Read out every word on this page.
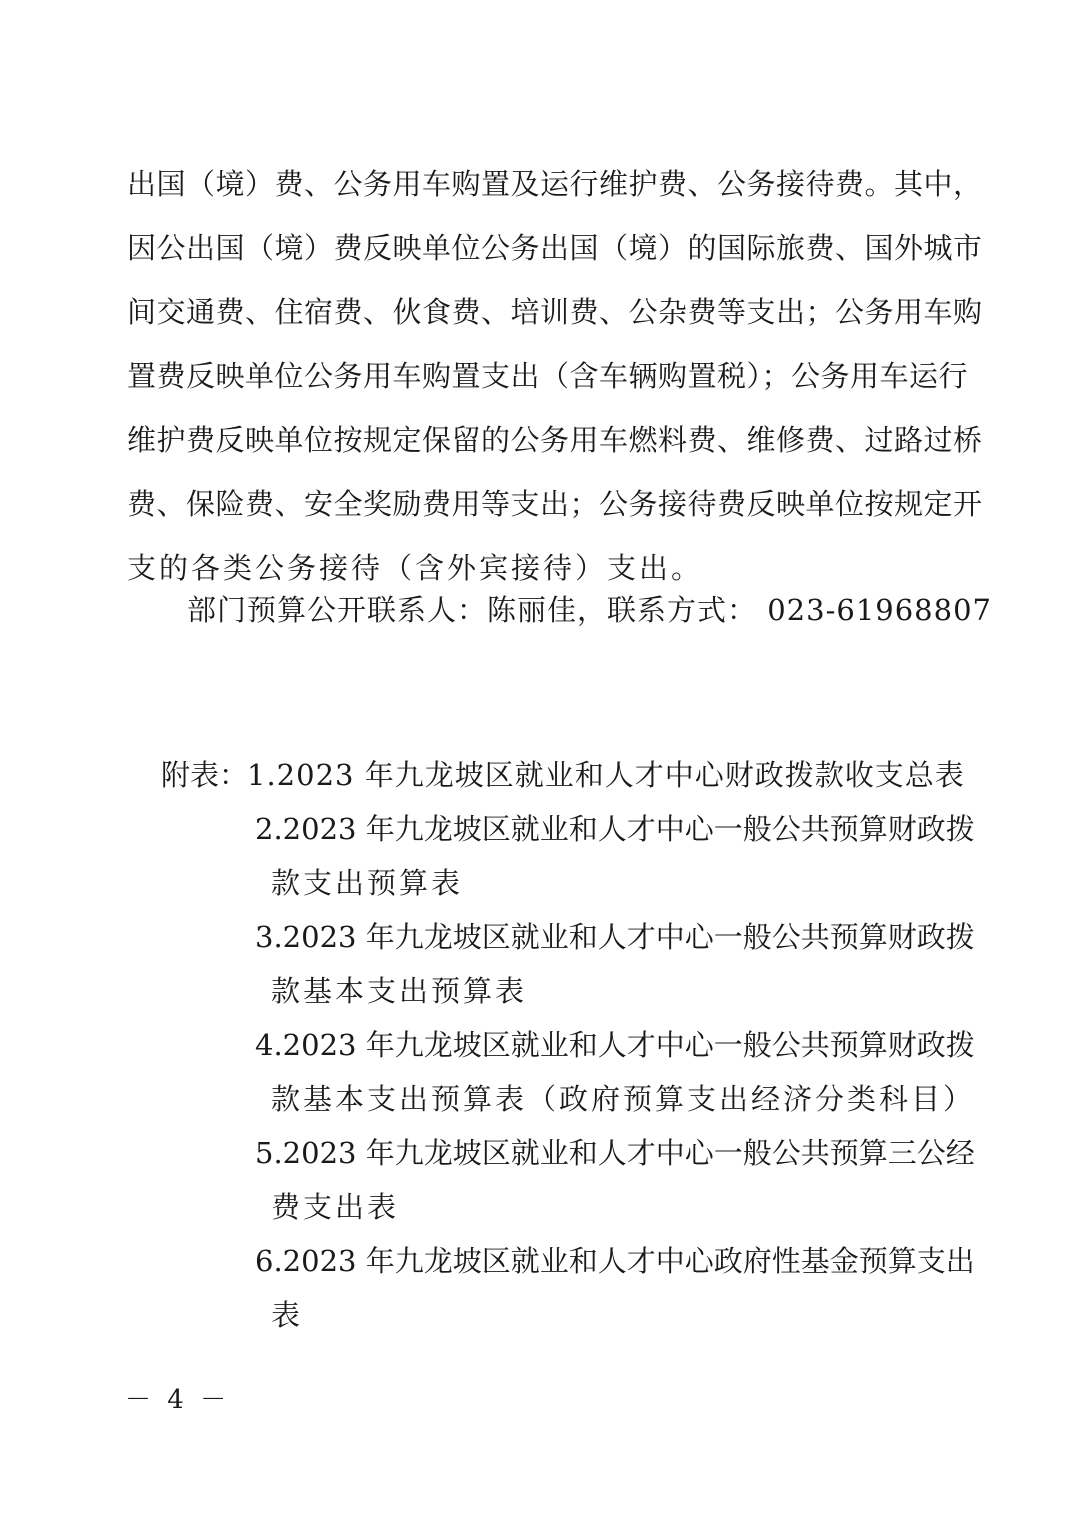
出国（境）费、公务用车购置及运行维护费、公务接待费。其中，
因公出国（境）费反映单位公务出国（境）的国际旅费、国外城市
间交通费、住宿费、伙食费、培训费、公杂费等支出；公务用车购
置费反映单位公务用车购置支出（含车辆购置税）；公务用车运行
维护费反映单位按规定保留的公务用车燃料费、维修费、过路过桥
费、保险费、安全奖励费用等支出；公务接待费反映单位按规定开
支的各类公务接待（含外宾接待）支出。
部门预算公开联系人：陈丽佳，联系方式： 023-61968807
附表：
1.2023 年九龙坡区就业和人才中心财政拨款收支总表
2.2023 年九龙坡区就业和人才中心一般公共预算财政拨
款支出预算表
3.2023 年九龙坡区就业和人才中心一般公共预算财政拨
款基本支出预算表
4.2023 年九龙坡区就业和人才中心一般公共预算财政拨
款基本支出预算表（政府预算支出经济分类科目）
5.2023 年九龙坡区就业和人才中心一般公共预算三公经
费支出表
6.2023 年九龙坡区就业和人才中心政府性基金预算支出
表
－ 4 －
